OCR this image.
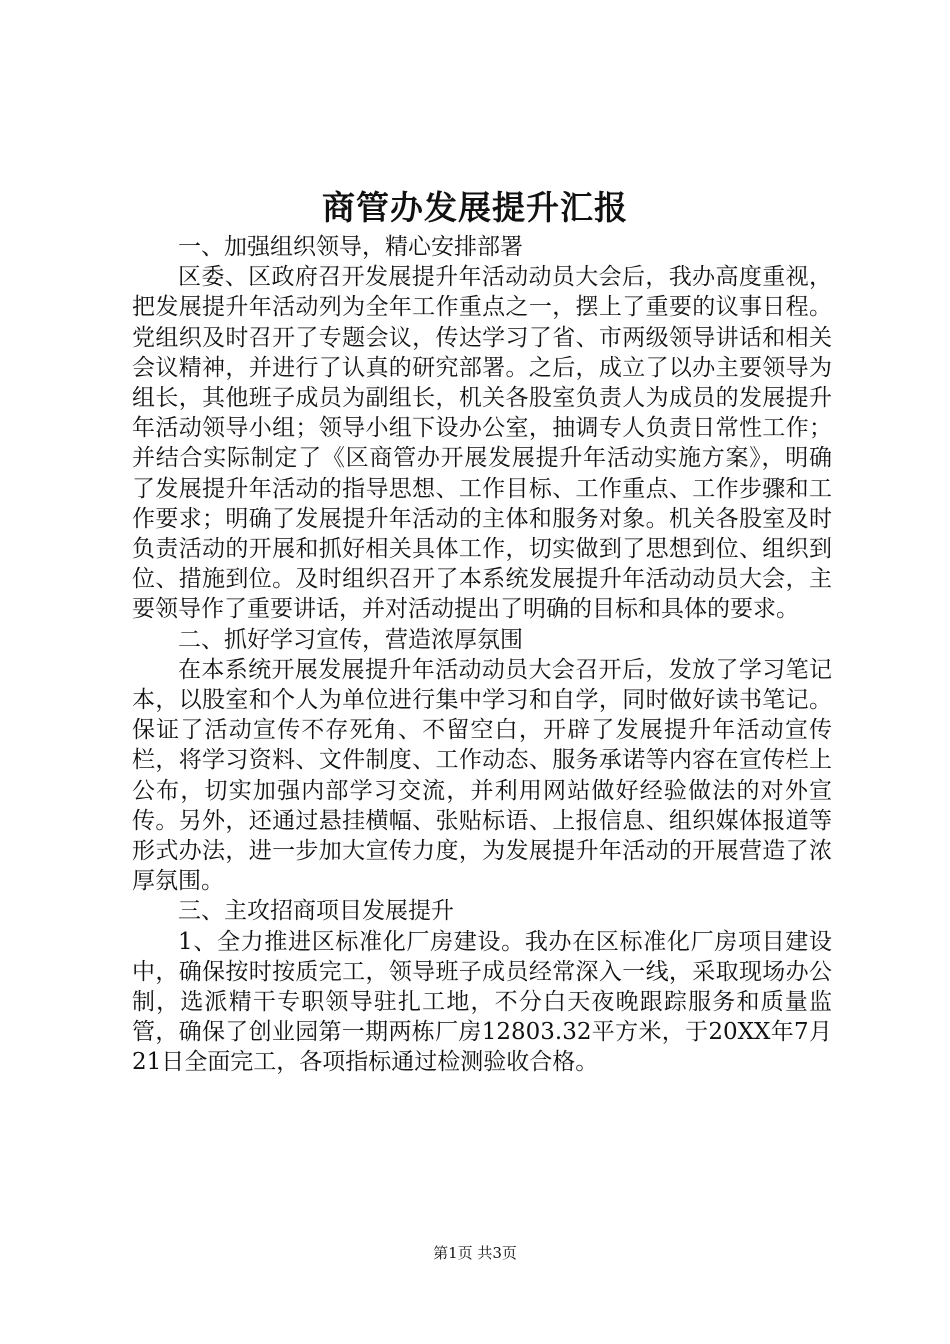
商管办发展提升汇报

一、加强组织领导，精心安排部署

区委、区政府召开发展提升年活动动员大会后，我办高度重视，把发展提升年活动列为全年工作重点之一，摆上了重要的议事日程。党组织及时召开了专题会议，传达学习了省、市两级领导讲话和相关会议精神，并进行了认真的研究部署。之后，成立了以办主要领导为组长，其他班子成员为副组长，机关各股室负责人为成员的发展提升年活动领导小组；领导小组下设办公室，抽调专人负责日常性工作；并结合实际制定了《区商管办开展发展提升年活动实施方案》，明确了发展提升年活动的指导思想、工作目标、工作重点、工作步骤和工作要求；明确了发展提升年活动的主体和服务对象。机关各股室及时负责活动的开展和抓好相关具体工作，切实做到了思想到位、组织到位、措施到位。及时组织召开了本系统发展提升年活动动员大会，主要领导作了重要讲话，并对活动提出了明确的目标和具体的要求。

二、抓好学习宣传，营造浓厚氛围

在本系统开展发展提升年活动动员大会召开后，发放了学习笔记本，以股室和个人为单位进行集中学习和自学，同时做好读书笔记。保证了活动宣传不存死角、不留空白，开辟了发展提升年活动宣传栏，将学习资料、文件制度、工作动态、服务承诺等内容在宣传栏上公布，切实加强内部学习交流，并利用网站做好经验做法的对外宣传。另外，还通过悬挂横幅、张贴标语、上报信息、组织媒体报道等形式办法，进一步加大宣传力度，为发展提升年活动的开展营造了浓厚氛围。

三、主攻招商项目发展提升

1、全力推进区标准化厂房建设。我办在区标准化厂房项目建设中，确保按时按质完工，领导班子成员经常深入一线，采取现场办公制，选派精干专职领导驻扎工地，不分白天夜晚跟踪服务和质量监管，确保了创业园第一期两栋厂房12803.32平方米，于20XX年7月21日全面完工，各项指标通过检测验收合格。

第1页 共3页
